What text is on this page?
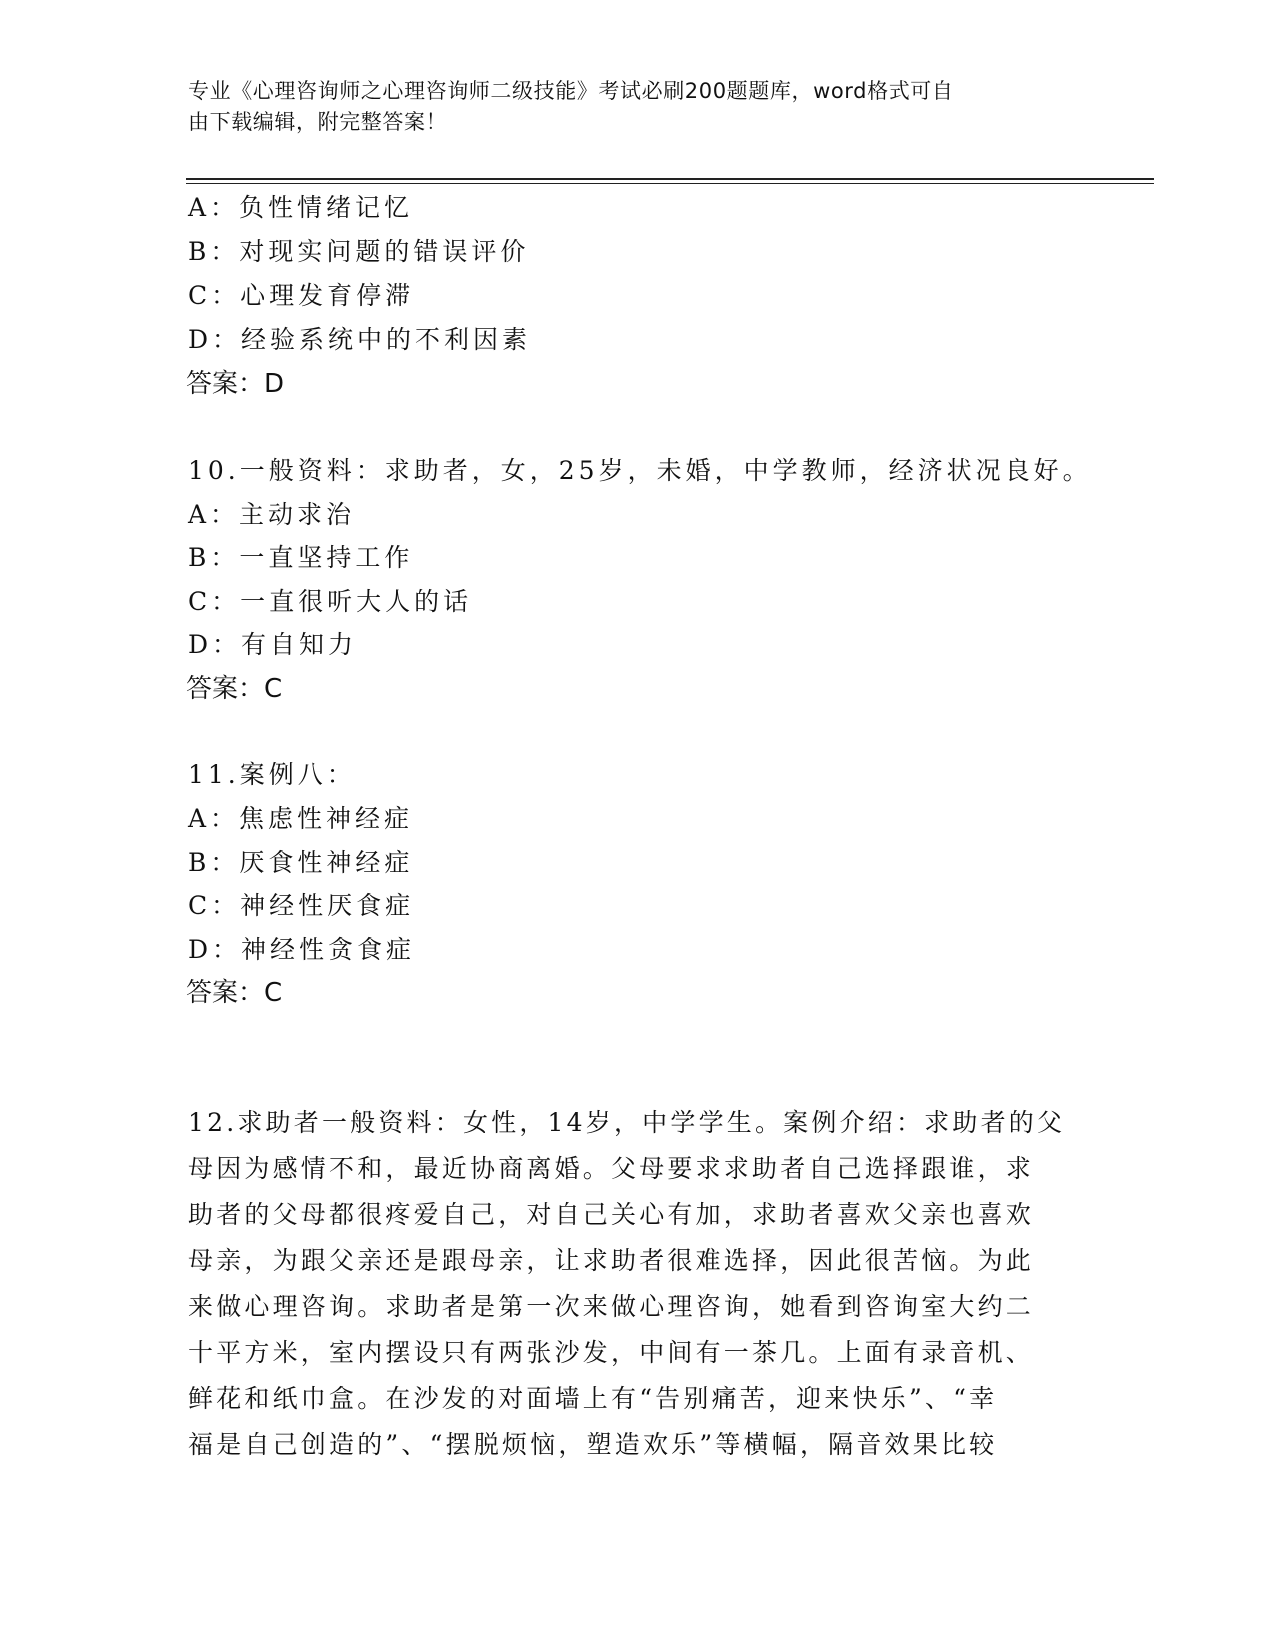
专业《心理咨询师之心理咨询师二级技能》考试必刷200题题库，word格式可自
由下载编辑，附完整答案！
A：负性情绪记忆
B：对现实问题的错误评价
C：心理发育停滞
D：经验系统中的不利因素
答案：D
10.一般资料：求助者，女，25岁，未婚，中学教师，经济状况良好。
A：主动求治
B：一直坚持工作
C：一直很听大人的话
D：有自知力
答案：C
11.案例八：
A：焦虑性神经症
B：厌食性神经症
C：神经性厌食症
D：神经性贪食症
答案：C
12.求助者一般资料：女性，14岁，中学学生。案例介绍：求助者的父
母因为感情不和，最近协商离婚。父母要求求助者自己选择跟谁，求
助者的父母都很疼爱自己，对自己关心有加，求助者喜欢父亲也喜欢
母亲，为跟父亲还是跟母亲，让求助者很难选择，因此很苦恼。为此
来做心理咨询。求助者是第一次来做心理咨询，她看到咨询室大约二
十平方米，室内摆设只有两张沙发，中间有一茶几。上面有录音机、
鲜花和纸巾盒。在沙发的对面墙上有“告别痛苦，迎来快乐”、“幸
福是自己创造的”、“摆脱烦恼，塑造欢乐”等横幅，隔音效果比较
